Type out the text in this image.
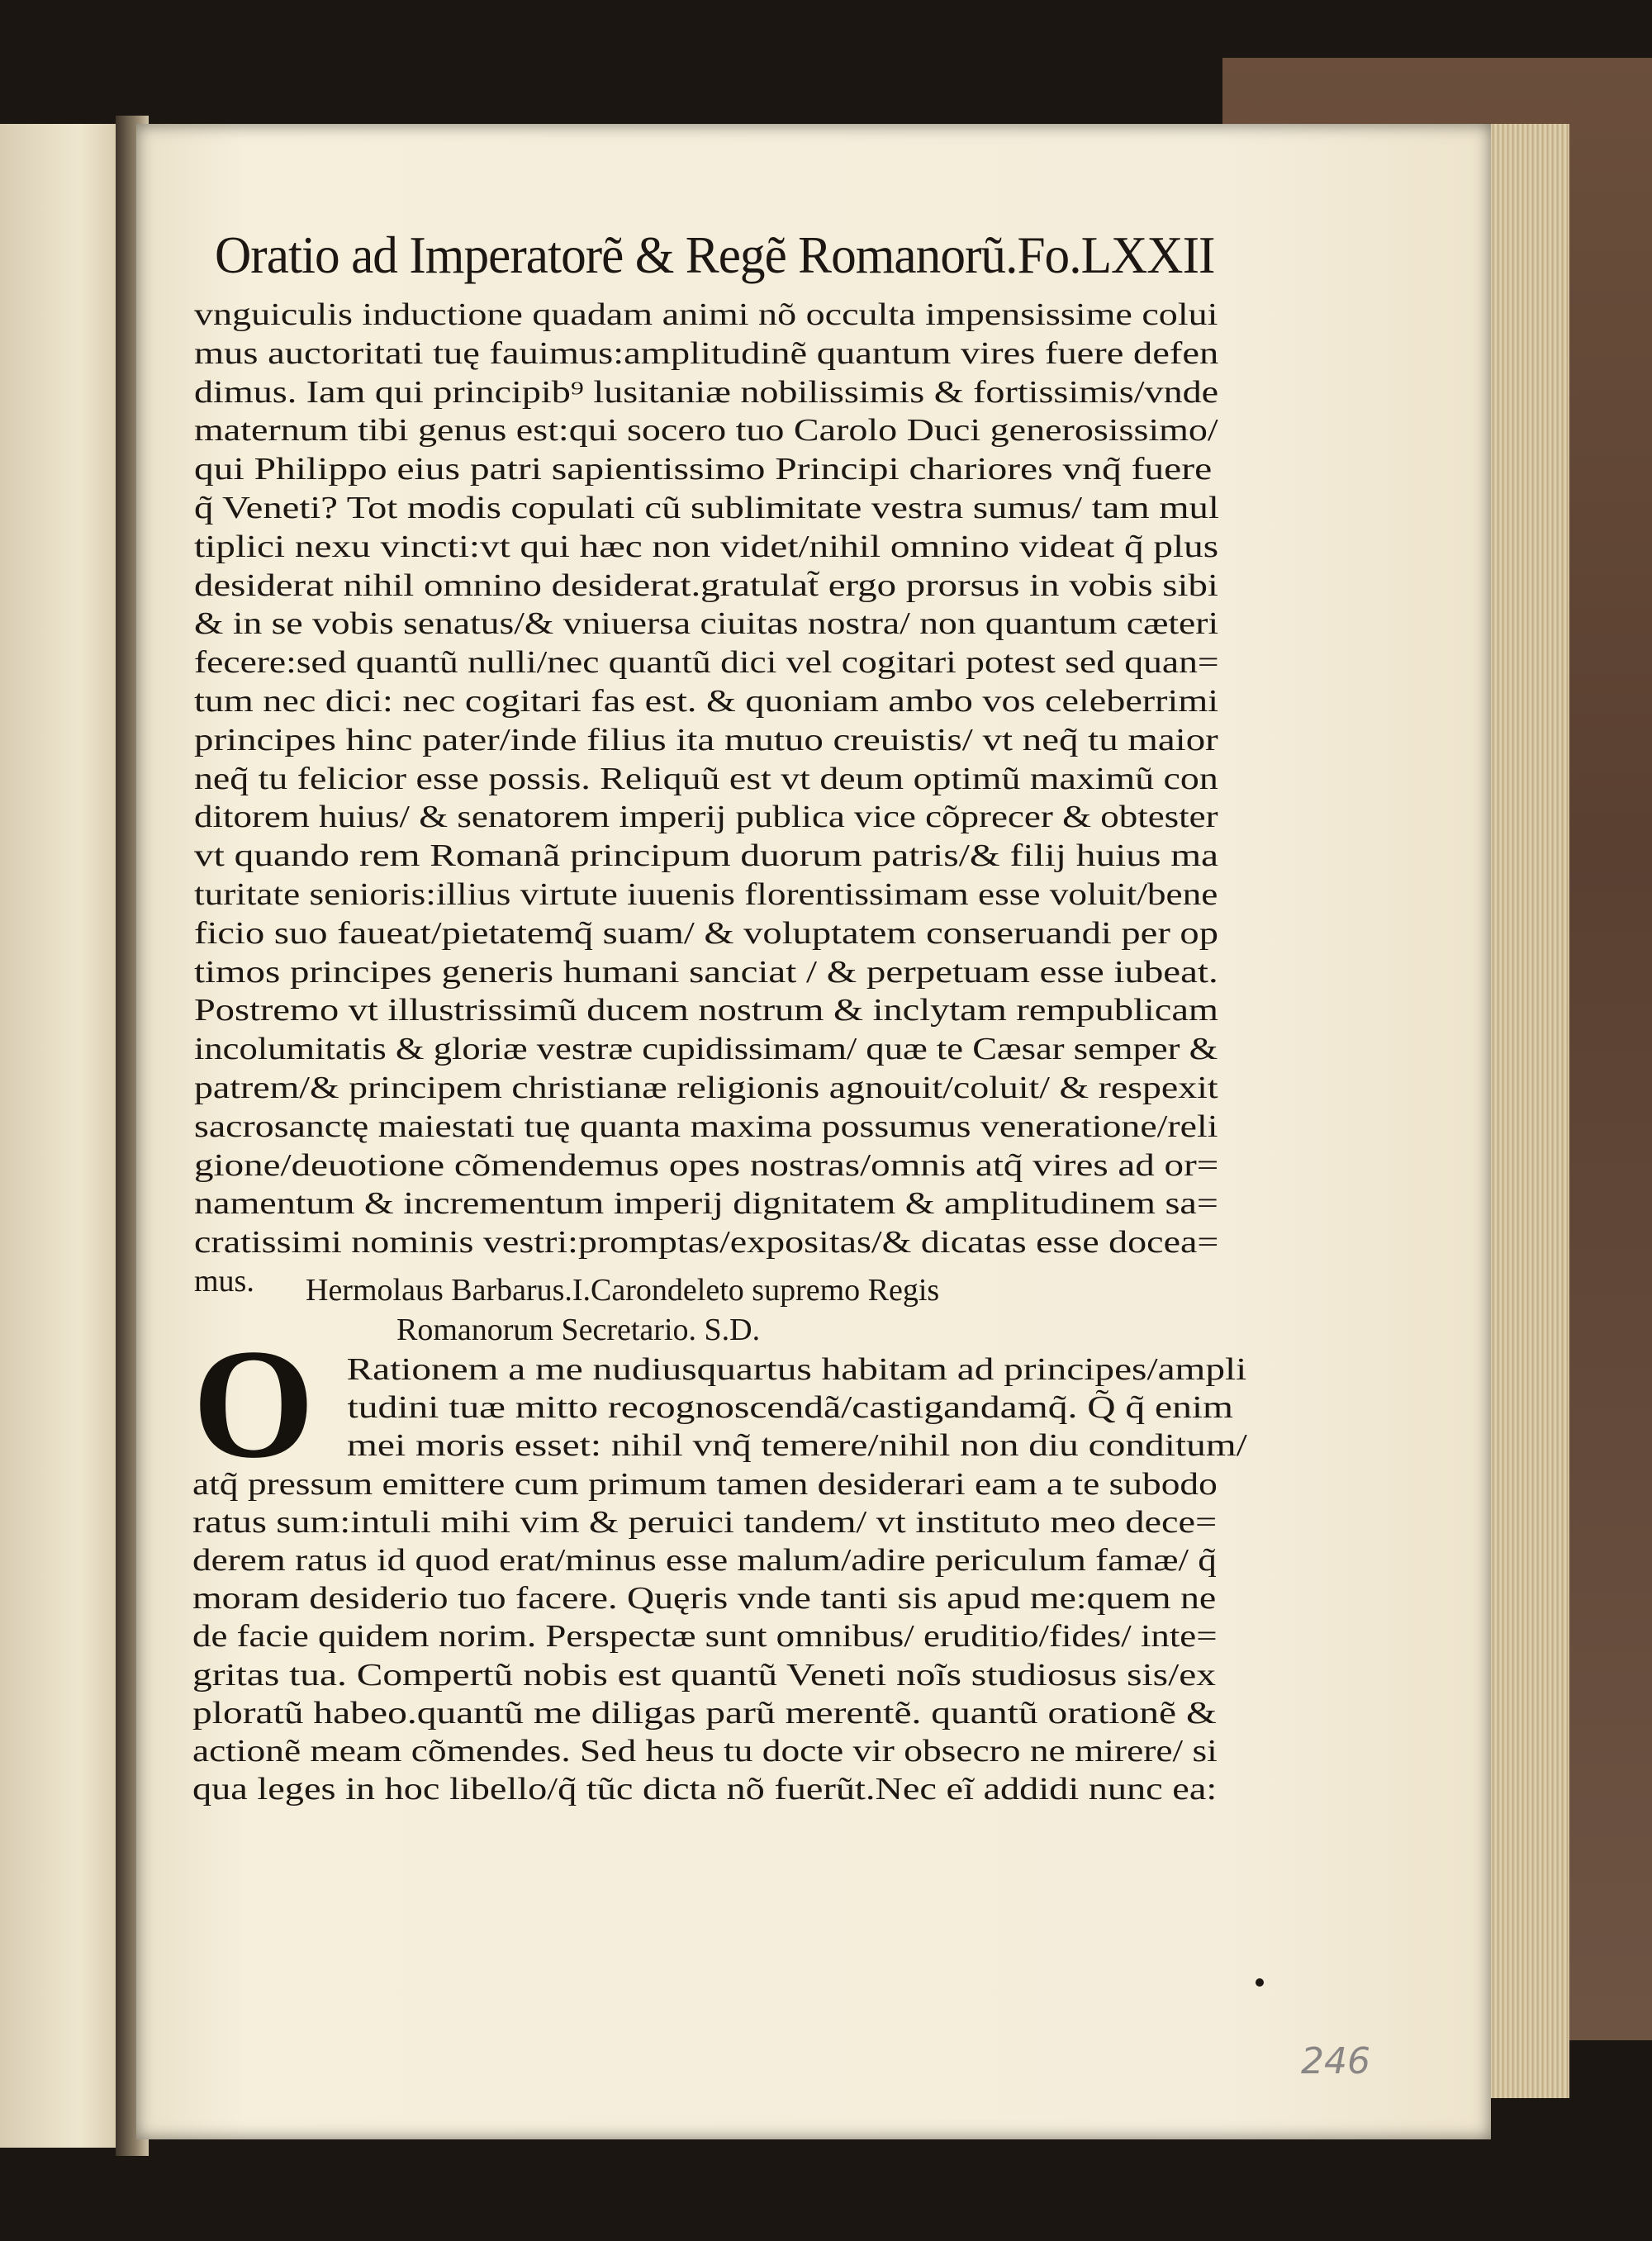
Oratio ad Imperatorẽ & Regẽ Romanorũ.Fo.LXXII
vnguiculis inductione quadam animi nõ occulta impensissime colui
mus auctoritati tuę fauimus:amplitudinẽ quantum vires fuere defen
dimus. Iam qui principib⁹ lusitaniæ nobilissimis & fortissimis/vnde
maternum tibi genus est:qui socero tuo Carolo Duci generosissimo/
qui Philippo eius patri sapientissimo Principi chariores vnq̃ fuere
q̃ Veneti? Tot modis copulati cũ sublimitate vestra sumus/ tam mul
tiplici nexu vincti:vt qui hæc non videt/nihil omnino videat q̃ plus
desiderat nihil omnino desiderat.gratulat̃ ergo prorsus in vobis sibi
& in se vobis senatus/& vniuersa ciuitas nostra/ non quantum cæteri
fecere:sed quantũ nulli/nec quantũ dici vel cogitari potest sed quan=
tum nec dici: nec cogitari fas est. & quoniam ambo vos celeberrimi
principes hinc pater/inde filius ita mutuo creuistis/ vt neq̃ tu maior
neq̃ tu felicior esse possis. Reliquũ est vt deum optimũ maximũ con
ditorem huius/ & senatorem imperij publica vice cõprecer & obtester
vt quando rem Romanã principum duorum patris/& filij huius ma
turitate senioris:illius virtute iuuenis florentissimam esse voluit/bene
ficio suo faueat/pietatemq̃ suam/ & voluptatem conseruandi per op
timos principes generis humani sanciat / & perpetuam esse iubeat.
Postremo vt illustrissimũ ducem nostrum & inclytam rempublicam
incolumitatis & gloriæ vestræ cupidissimam/ quæ te Cæsar semper &
patrem/& principem christianæ religionis agnouit/coluit/ & respexit
sacrosanctę maiestati tuę quanta maxima possumus veneratione/reli
gione/deuotione cõmendemus opes nostras/omnis atq̃ vires ad or=
namentum & incrementum imperij dignitatem & amplitudinem sa=
cratissimi nominis vestri:promptas/expositas/& dicatas esse docea=
mus.	Hermolaus Barbarus.I.Carondeleto supremo Regis
Romanorum Secretario. S.D.
O	Rationem a me nudiusquartus habitam ad principes/ampli
tudini tuæ mitto recognoscendã/castigandamq̃. Q̃ q̃ enim
mei moris esset: nihil vnq̃ temere/nihil non diu conditum/
atq̃ pressum emittere cum primum tamen desiderari eam a te subodo
ratus sum:intuli mihi vim & peruici tandem/ vt instituto meo dece=
derem ratus id quod erat/minus esse malum/adire periculum famæ/ q̃
moram desiderio tuo facere. Quęris vnde tanti sis apud me:quem ne
de facie quidem norim. Perspectæ sunt omnibus/ eruditio/fides/ inte=
gritas tua. Compertũ nobis est quantũ Veneti noĩs studiosus sis/ex
ploratũ habeo.quantũ me diligas parũ merentẽ. quantũ orationẽ &
actionẽ meam cõmendes. Sed heus tu docte vir obsecro ne mirere/ si
qua leges in hoc libello/q̃ tũc dicta nõ fuerũt.Nec eĩ addidi nunc ea:
246
